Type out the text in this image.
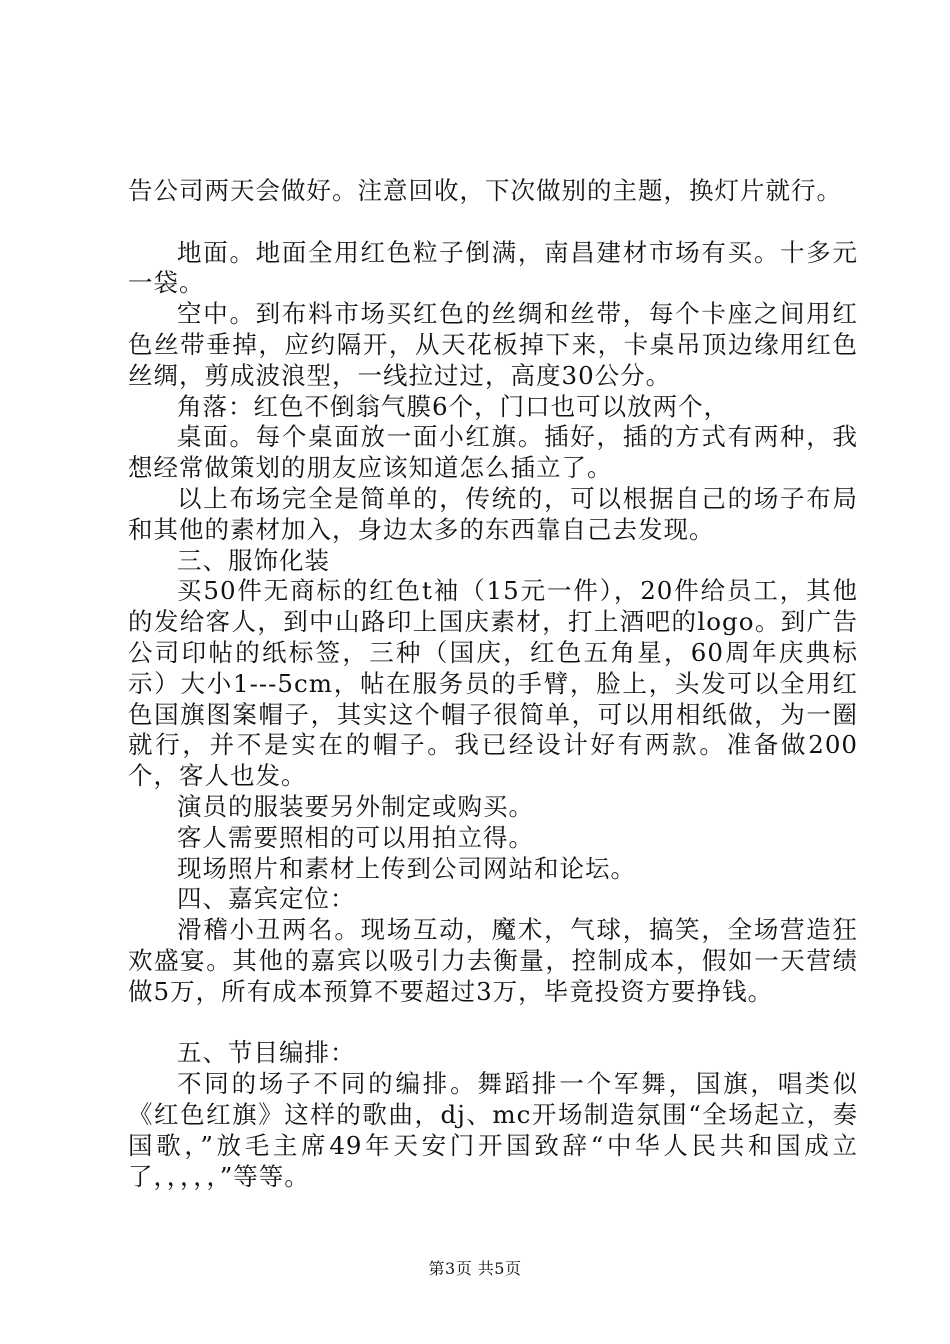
告公司两天会做好。注意回收，下次做别的主题，换灯片就行。

地面。地面全用红色粒子倒满，南昌建材市场有买。十多元一袋。

空中。到布料市场买红色的丝绸和丝带，每个卡座之间用红色丝带垂掉，应约隔开，从天花板掉下来，卡桌吊顶边缘用红色丝绸，剪成波浪型，一线拉过过，高度30公分。

角落：红色不倒翁气膜6个，门口也可以放两个，

桌面。每个桌面放一面小红旗。插好，插的方式有两种，我想经常做策划的朋友应该知道怎么插立了。

以上布场完全是简单的，传统的，可以根据自己的场子布局和其他的素材加入，身边太多的东西靠自己去发现。

三、服饰化装

买50件无商标的红色t袖（15元一件），20件给员工，其他的发给客人，到中山路印上国庆素材，打上酒吧的logo。到广告公司印帖的纸标签，三种（国庆，红色五角星，60周年庆典标示）大小1---5cm，帖在服务员的手臂，脸上，头发可以全用红色国旗图案帽子，其实这个帽子很简单，可以用相纸做，为一圈就行，并不是实在的帽子。我已经设计好有两款。准备做200个，客人也发。

演员的服装要另外制定或购买。

客人需要照相的可以用拍立得。

现场照片和素材上传到公司网站和论坛。

四、嘉宾定位：

滑稽小丑两名。现场互动，魔术，气球，搞笑，全场营造狂欢盛宴。其他的嘉宾以吸引力去衡量，控制成本，假如一天营绩做5万，所有成本预算不要超过3万，毕竟投资方要挣钱。

五、节目编排：

不同的场子不同的编排。舞蹈排一个军舞，国旗，唱类似《红色红旗》这样的歌曲，dj、mc开场制造氛围“全场起立，奏国歌，”放毛主席49年天安门开国致辞“中华人民共和国成立了，，，，，”等等。

第3页 共5页
